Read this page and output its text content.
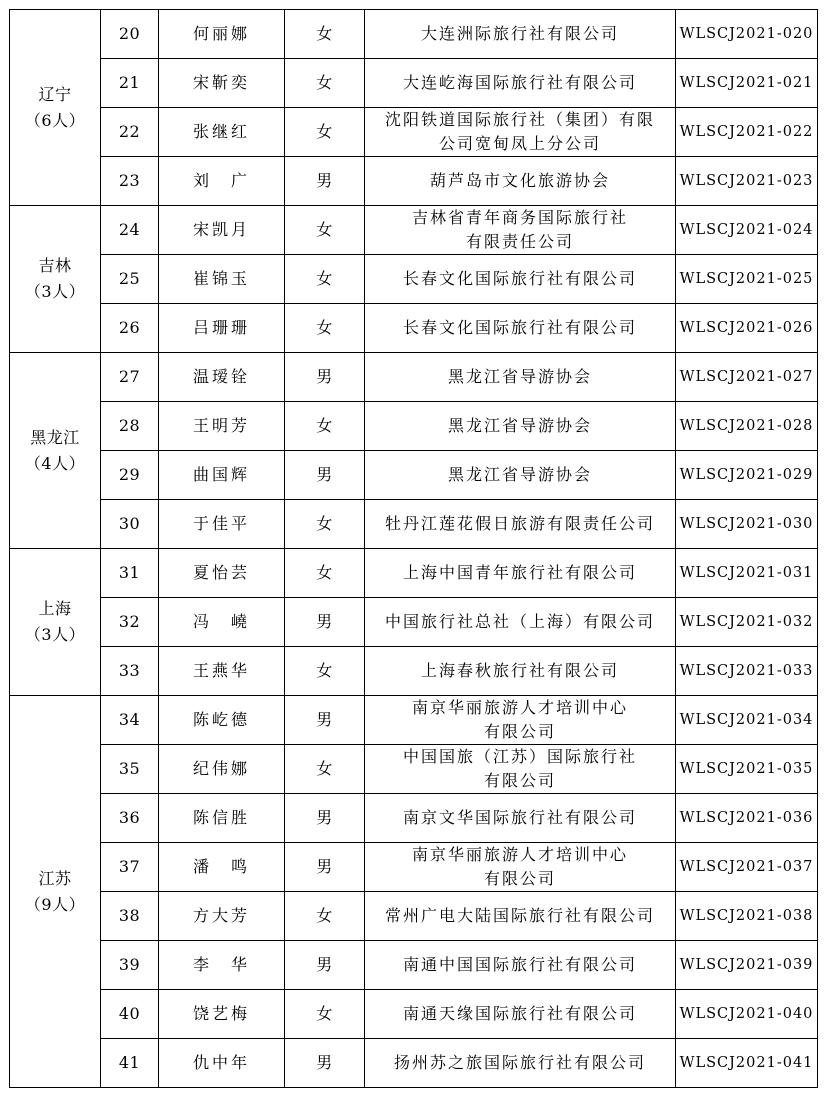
辽宁
（6人）	20	何丽娜	女	大连洲际旅行社有限公司	WLSCJ2021-020
	21	宋靳奕	女	大连屹海国际旅行社有限公司	WLSCJ2021-021
	22	张继红	女	沈阳铁道国际旅行社（集团）有限
公司宽甸凤上分公司	WLSCJ2021-022
	23	刘　广	男	葫芦岛市文化旅游协会	WLSCJ2021-023

吉林
（3人）	24	宋凯月	女	吉林省青年商务国际旅行社
有限责任公司	WLSCJ2021-024
	25	崔锦玉	女	长春文化国际旅行社有限公司	WLSCJ2021-025
	26	吕珊珊	女	长春文化国际旅行社有限公司	WLSCJ2021-026

黑龙江
（4人）	27	温瑷铨	男	黑龙江省导游协会	WLSCJ2021-027
	28	王明芳	女	黑龙江省导游协会	WLSCJ2021-028
	29	曲国辉	男	黑龙江省导游协会	WLSCJ2021-029
	30	于佳平	女	牡丹江莲花假日旅游有限责任公司	WLSCJ2021-030

上海
（3人）	31	夏怡芸	女	上海中国青年旅行社有限公司	WLSCJ2021-031
	32	冯　嶢	男	中国旅行社总社（上海）有限公司	WLSCJ2021-032
	33	王燕华	女	上海春秋旅行社有限公司	WLSCJ2021-033

江苏
（9人）	34	陈屹德	男	南京华丽旅游人才培训中心
有限公司	WLSCJ2021-034
	35	纪伟娜	女	中国国旅（江苏）国际旅行社
有限公司	WLSCJ2021-035
	36	陈信胜	男	南京文华国际旅行社有限公司	WLSCJ2021-036
	37	潘　鸣	男	南京华丽旅游人才培训中心
有限公司	WLSCJ2021-037
	38	方大芳	女	常州广电大陆国际旅行社有限公司	WLSCJ2021-038
	39	李　华	男	南通中国国际旅行社有限公司	WLSCJ2021-039
	40	饶艺梅	女	南通天缘国际旅行社有限公司	WLSCJ2021-040
	41	仇中年	男	扬州苏之旅国际旅行社有限公司	WLSCJ2021-041
